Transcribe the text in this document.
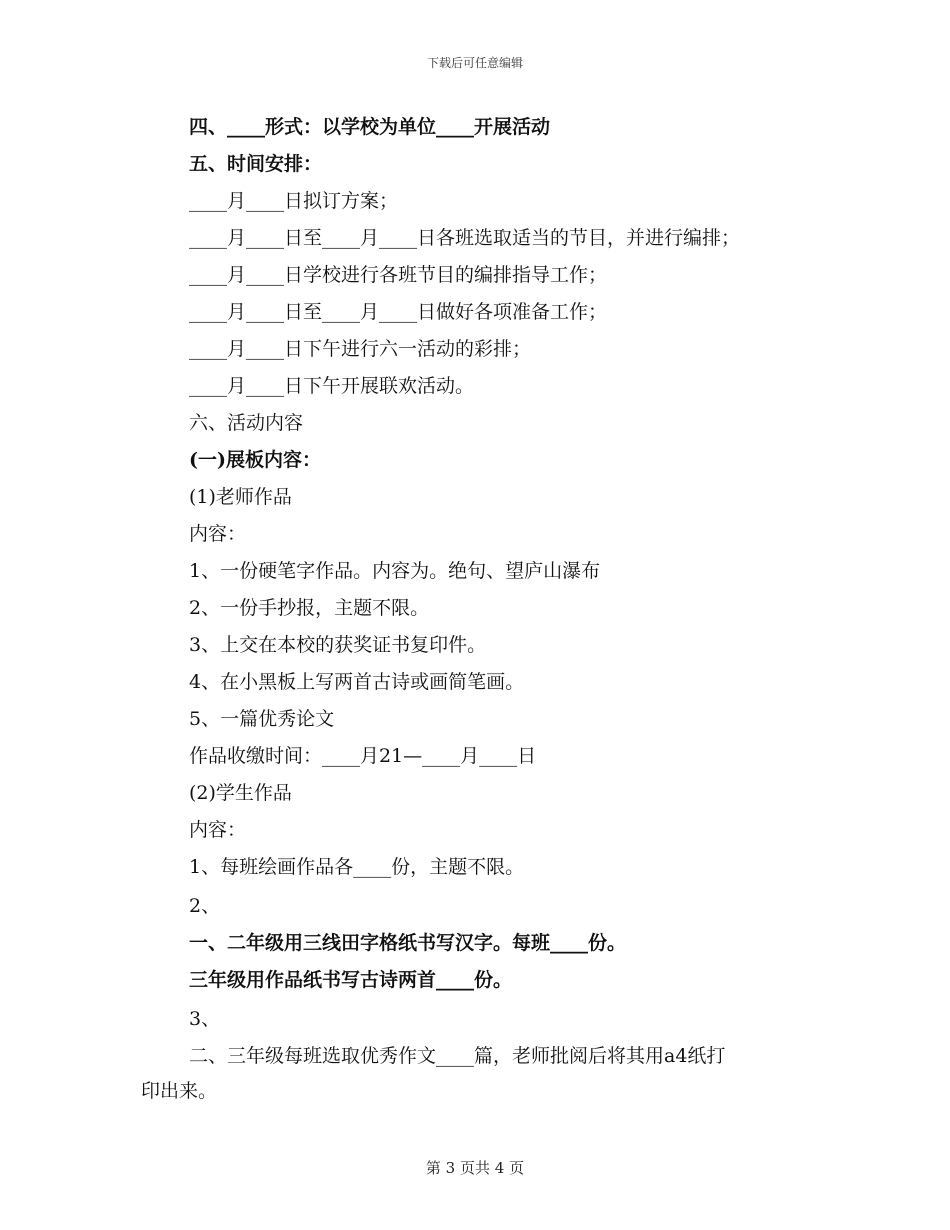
下载后可任意编辑
四、____形式：以学校为单位____开展活动
五、时间安排：
____月____日拟订方案；
____月____日至____月____日各班选取适当的节目，并进行编排；
____月____日学校进行各班节目的编排指导工作；
____月____日至____月____日做好各项准备工作；
____月____日下午进行六一活动的彩排；
____月____日下午开展联欢活动。
六、活动内容
(一)展板内容：
(1)老师作品
内容：
1、一份硬笔字作品。内容为。绝句、望庐山瀑布
2、一份手抄报，主题不限。
3、上交在本校的获奖证书复印件。
4、在小黑板上写两首古诗或画简笔画。
5、一篇优秀论文
作品收缴时间：____月21—____月____日
(2)学生作品
内容：
1、每班绘画作品各____份，主题不限。
2、
一、二年级用三线田字格纸书写汉字。每班____份。
三年级用作品纸书写古诗两首____份。
3、
二、三年级每班选取优秀作文____篇，老师批阅后将其用a4纸打
印出来。
第 3 页共 4 页
